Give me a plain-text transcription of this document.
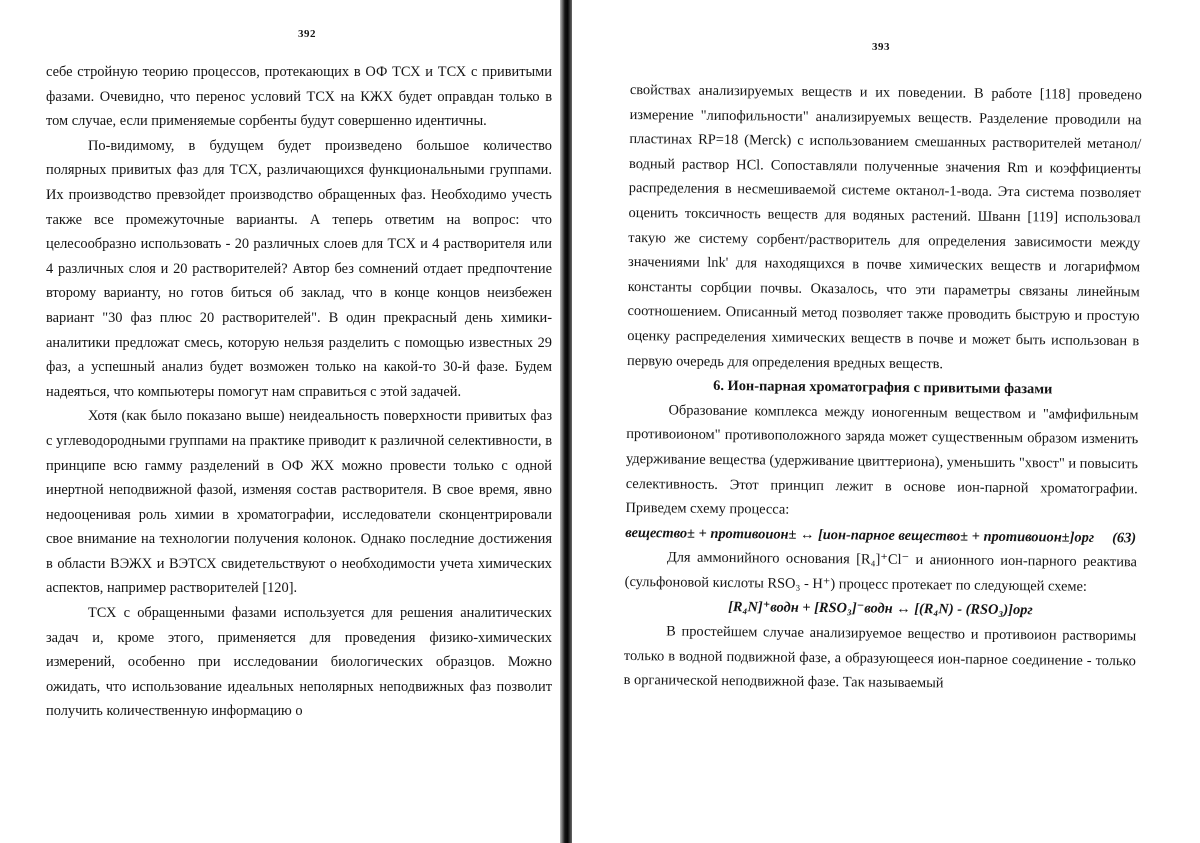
392

себе стройную теорию процессов, протекающих в ОФ ТСХ и ТСХ с привитыми фазами. Очевидно, что перенос условий ТСХ на КЖХ будет оправдан только в том случае, если применяемые сорбенты будут совершенно идентичны.

По-видимому, в будущем будет произведено большое количество полярных привитых фаз для ТСХ, различающихся функциональными группами. Их производство превзойдет производство обращенных фаз. Необходимо учесть также все промежуточные варианты. А теперь ответим на вопрос: что целесообразно использовать - 20 различных слоев для ТСХ и 4 растворителя или 4 различных слоя и 20 растворителей? Автор без сомнений отдает предпочтение второму варианту, но готов биться об заклад, что в конце концов неизбежен вариант "30 фаз плюс 20 растворителей". В один прекрасный день химики-аналитики предложат смесь, которую нельзя разделить с помощью известных 29 фаз, а успешный анализ будет возможен только на какой-то 30-й фазе. Будем надеяться, что компьютеры помогут нам справиться с этой задачей.

Хотя (как было показано выше) неидеальность поверхности привитых фаз с углеводородными группами на практике приводит к различной селективности, в принципе всю гамму разделений в ОФ ЖХ можно провести только с одной инертной неподвижной фазой, изменяя состав растворителя. В свое время, явно недооценивая роль химии в хроматографии, исследователи сконцентрировали свое внимание на технологии получения колонок. Однако последние достижения в области ВЭЖХ и ВЭТСХ свидетельствуют о необходимости учета химических аспектов, например растворителей [120].

ТСХ с обращенными фазами используется для решения аналитических задач и, кроме этого, применяется для проведения физико-химических измерений, особенно при исследовании биологических образцов. Можно ожидать, что использование идеальных неполярных неподвижных фаз позволит получить количественную информацию о

393

свойствах анализируемых веществ и их поведении. В работе [118] проведено измерение "липофильности" анализируемых веществ. Разделение проводили на пластинах RP=18 (Merck) с использованием смешанных растворителей метанол/водный раствор HCl. Сопоставляли полученные значения Rm и коэффициенты распределения в несмешиваемой системе октанол-1-вода. Эта система позволяет оценить токсичность веществ для водяных растений. Шванн [119] использовал такую же систему сорбент/растворитель для определения зависимости между значениями lnk' для находящихся в почве химических веществ и логарифмом константы сорбции почвы. Оказалось, что эти параметры связаны линейным соотношением. Описанный метод позволяет также проводить быструю и простую оценку распределения химических веществ в почве и может быть использован в первую очередь для определения вредных веществ.

6. Ион-парная хроматография с привитыми фазами

Образование комплекса между ионогенным веществом и "амфифильным противоионом" противоположного заряда может существенным образом изменить удерживание вещества (удерживание цвиттериона), уменьшить "хвост" и повысить селективность. Этот принцип лежит в основе ион-парной хроматографии. Приведем схему процесса:

вещество± + противоион± ↔ [ион-парное вещество± + противоион±]орг (63)

Для аммонийного основания [R₄]⁺Cl⁻ и анионного ион-парного реактива (сульфоновой кислоты RSO₃ - H⁺) процесс протекает по следующей схеме:

[R₄N]⁺водн + [RSO₃]⁻водн ↔ [(R₄N) - (RSO₃)]орг

В простейшем случае анализируемое вещество и противоион растворимы только в водной подвижной фазе, а образующееся ион-парное соединение - только в органической неподвижной фазе. Так называемый
